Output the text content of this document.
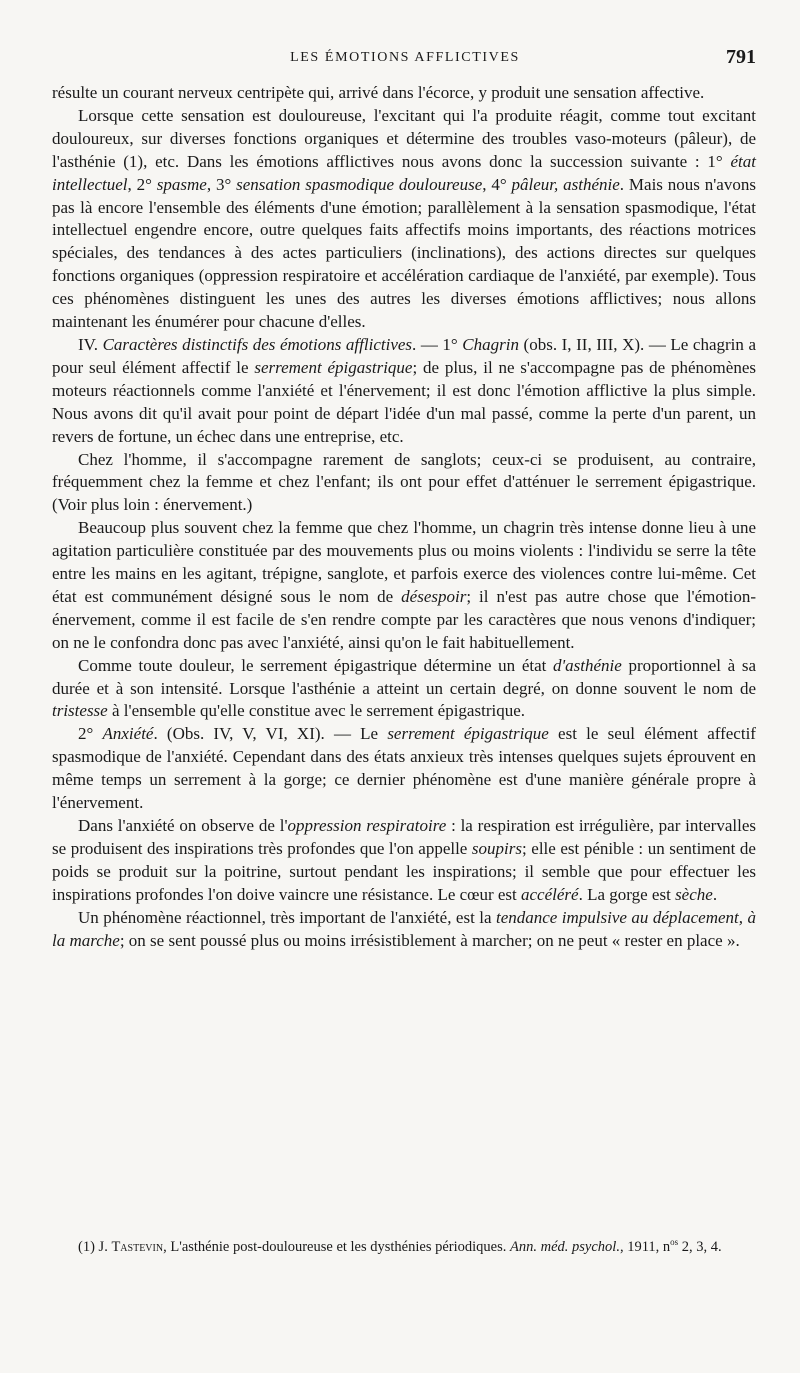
LES ÉMOTIONS AFFLICTIVES	791

résulte un courant nerveux centripète qui, arrivé dans l'écorce, y produit une sensation affective.

Lorsque cette sensation est douloureuse, l'excitant qui l'a produite réagit, comme tout excitant douloureux, sur diverses fonctions organiques et détermine des troubles vaso-moteurs (pâleur), de l'asthénie (1), etc. Dans les émotions afflictives nous avons donc la succession suivante : 1° état intellectuel, 2° spasme, 3° sensation spasmodique douloureuse, 4° pâleur, asthénie. Mais nous n'avons pas là encore l'ensemble des éléments d'une émotion; parallèlement à la sensation spasmodique, l'état intellectuel engendre encore, outre quelques faits affectifs moins importants, des réactions motrices spéciales, des tendances à des actes particuliers (inclinations), des actions directes sur quelques fonctions organiques (oppression respiratoire et accélération cardiaque de l'anxiété, par exemple). Tous ces phénomènes distinguent les unes des autres les diverses émotions afflictives; nous allons maintenant les énumérer pour chacune d'elles.

IV. Caractères distinctifs des émotions afflictives. — 1° Chagrin (obs. I, II, III, X). — Le chagrin a pour seul élément affectif le serrement épigastrique; de plus, il ne s'accompagne pas de phénomènes moteurs réactionnels comme l'anxiété et l'énervement; il est donc l'émotion afflictive la plus simple. Nous avons dit qu'il avait pour point de départ l'idée d'un mal passé, comme la perte d'un parent, un revers de fortune, un échec dans une entreprise, etc.

Chez l'homme, il s'accompagne rarement de sanglots; ceux-ci se produisent, au contraire, fréquemment chez la femme et chez l'enfant; ils ont pour effet d'atténuer le serrement épigastrique. (Voir plus loin : énervement.)

Beaucoup plus souvent chez la femme que chez l'homme, un chagrin très intense donne lieu à une agitation particulière constituée par des mouvements plus ou moins violents : l'individu se serre la tête entre les mains en les agitant, trépigne, sanglote, et parfois exerce des violences contre lui-même. Cet état est communément désigné sous le nom de désespoir; il n'est pas autre chose que l'émotion-énervement, comme il est facile de s'en rendre compte par les caractères que nous venons d'indiquer; on ne le confondra donc pas avec l'anxiété, ainsi qu'on le fait habituellement.

Comme toute douleur, le serrement épigastrique détermine un état d'asthénie proportionnel à sa durée et à son intensité. Lorsque l'asthénie a atteint un certain degré, on donne souvent le nom de tristesse à l'ensemble qu'elle constitue avec le serrement épigastrique.

2° Anxiété. (Obs. IV, V, VI, XI). — Le serrement épigastrique est le seul élément affectif spasmodique de l'anxiété. Cependant dans des états anxieux très intenses quelques sujets éprouvent en même temps un serrement à la gorge; ce dernier phénomène est d'une manière générale propre à l'énervement.

Dans l'anxiété on observe de l'oppression respiratoire : la respiration est irrégulière, par intervalles se produisent des inspirations très profondes que l'on appelle soupirs; elle est pénible : un sentiment de poids se produit sur la poitrine, surtout pendant les inspirations; il semble que pour effectuer les inspirations profondes l'on doive vaincre une résistance. Le cœur est accéléré. La gorge est sèche.

Un phénomène réactionnel, très important de l'anxiété, est la tendance impulsive au déplacement, à la marche; on se sent poussé plus ou moins irrésistiblement à marcher; on ne peut « rester en place ».

(1) J. Tastevin, L'asthénie post-douloureuse et les dysthénies périodiques. Ann. méd. psychol., 1911, $n^{os}$ 2, 3, 4.
